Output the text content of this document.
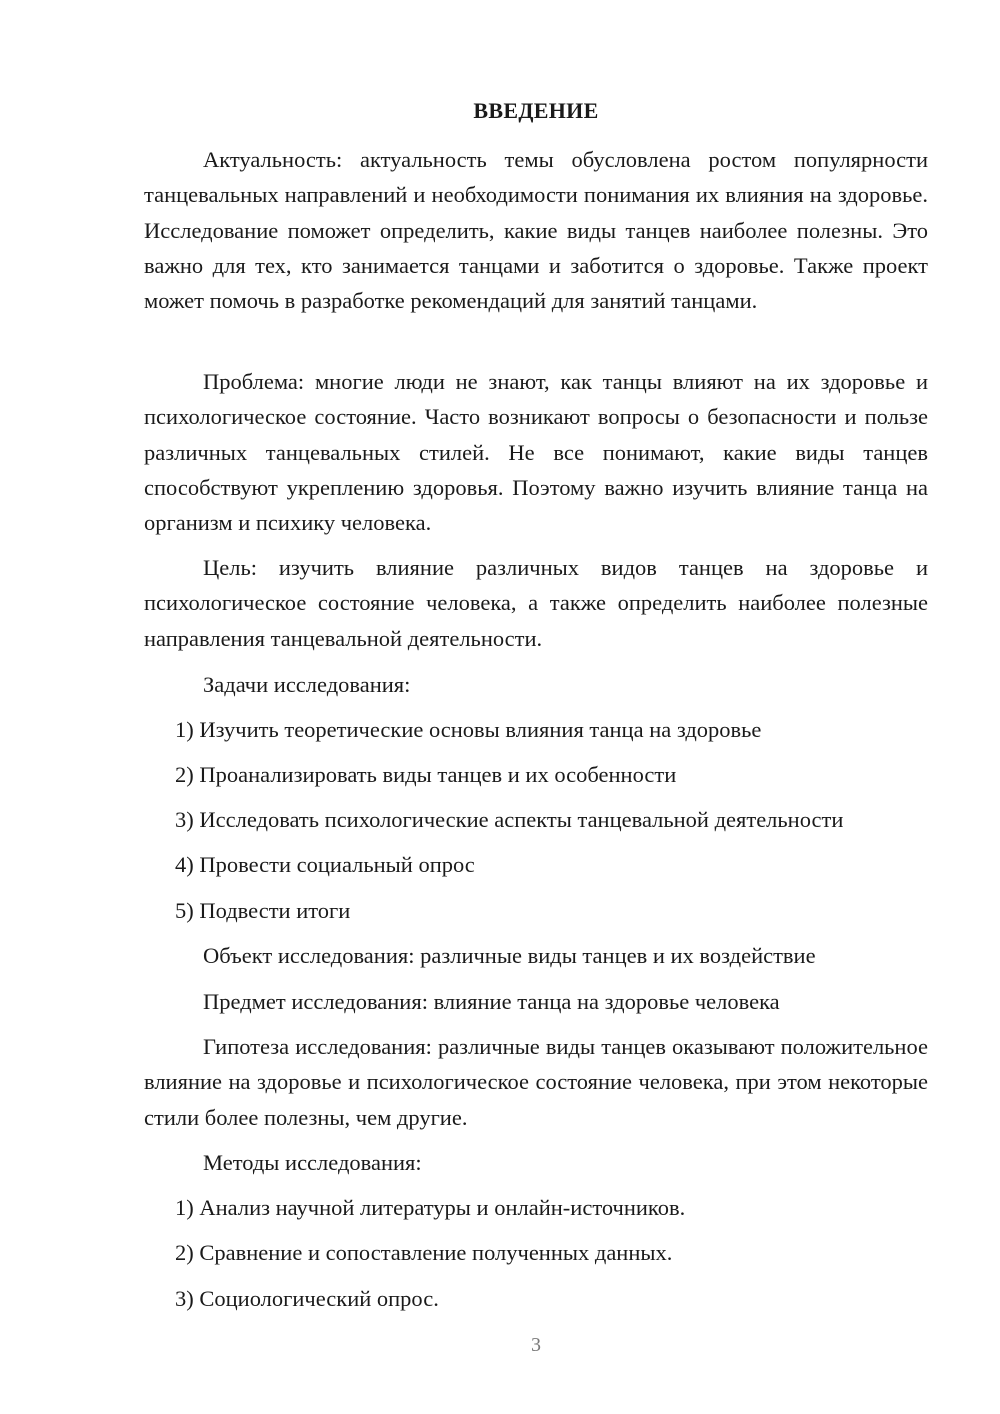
ВВЕДЕНИЕ

Актуальность: актуальность темы обусловлена ростом популярности танцевальных направлений и необходимости понимания их влияния на здоровье. Исследование поможет определить, какие виды танцев наиболее полезны. Это важно для тех, кто занимается танцами и заботится о здоровье. Также проект может помочь в разработке рекомендаций для занятий танцами.

Проблема: многие люди не знают, как танцы влияют на их здоровье и психологическое состояние. Часто возникают вопросы о безопасности и пользе различных танцевальных стилей. Не все понимают, какие виды танцев способствуют укреплению здоровья. Поэтому важно изучить влияние танца на организм и психику человека.

Цель: изучить влияние различных видов танцев на здоровье и психологическое состояние человека, а также определить наиболее полезные направления танцевальной деятельности.

Задачи исследования:

1) Изучить теоретические основы влияния танца на здоровье

2) Проанализировать виды танцев и их особенности

3) Исследовать психологические аспекты танцевальной деятельности

4) Провести социальный опрос

5) Подвести итоги

Объект исследования: различные виды танцев и их воздействие

Предмет исследования: влияние танца на здоровье человека

Гипотеза исследования: различные виды танцев оказывают положительное влияние на здоровье и психологическое состояние человека, при этом некоторые стили более полезны, чем другие.

Методы исследования:

1) Анализ научной литературы и онлайн-источников.

2) Сравнение и сопоставление полученных данных.

3) Социологический опрос.

3
